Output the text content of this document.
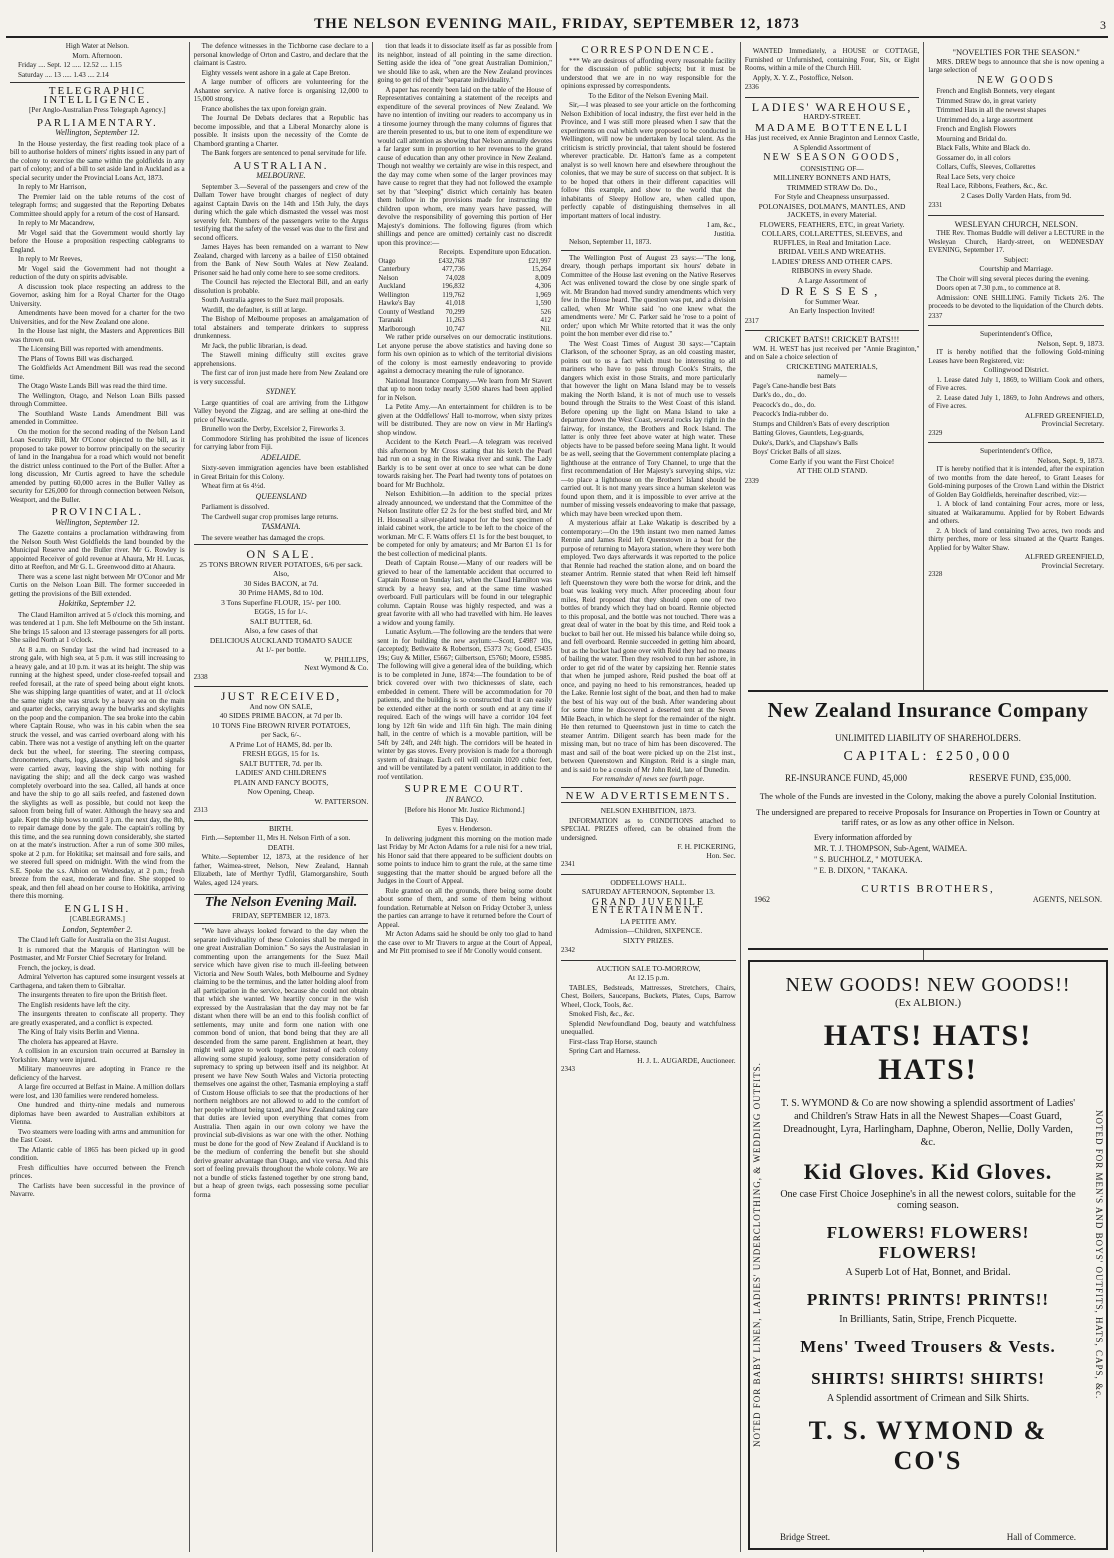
THE NELSON EVENING MAIL, FRIDAY, SEPTEMBER 12, 1873	3
High Water at Nelson.
Morn. Afternoon.
Friday .... Sept. 12 ..... 12.52 .... 1.15
Saturday .... 13 ..... 1.43 .... 2.14
TELEGRAPHIC INTELLIGENCE.
[Per Anglo-Australian Press Telegraph Agency.]
PARLIAMENTARY.
Wellington, September 12.
In the House yesterday, the first reading took place of a bill to authorise holders of miners' rights issued in any part of the colony to exercise the same within the goldfields in any part of colony; and of a bill to set aside land in Auckland as a special security under the Provincial Loans Act, 1873.
In reply to Mr Harrison,
The Premier laid on the table returns of the cost of telegraph forms; and suggested that the Reporting Debates Committee should apply for a return of the cost of Hansard.
In reply to Mr Macandrew,
Mr Vogel said that the Government would shortly lay before the House a proposition respecting cablegrams to England.
In reply to Mr Reeves,
Mr Vogel said the Government had not thought a reduction of the duty on spirits advisable.
A discussion took place respecting an address to the Governor, asking him for a Royal Charter for the Otago University.
Amendments have been moved for a charter for the two Universities, and for the New Zealand one alone.
In the House last night, the Masters and Apprentices Bill was thrown out.
The Licensing Bill was reported with amendments.
The Plans of Towns Bill was discharged.
The Goldfields Act Amendment Bill was read the second time.
The Otago Waste Lands Bill was read the third time.
The Wellington, Otago, and Nelson Loan Bills passed through Committee.
The Southland Waste Lands Amendment Bill was amended in Committee.
On the motion for the second reading of the Nelson Land Loan Security Bill, Mr O'Conor objected to the bill, as it proposed to take power to borrow principally on the security of land in the Inangahua for a road which would not benefit the district unless continued to the Port of the Buller. After a long discussion, Mr Curtis agreed to have the schedule amended by putting 60,000 acres in the Buller Valley as security for £26,000 for through connection between Nelson, Westport, and the Buller.
PROVINCIAL.
Wellington, September 12.
The Gazette contains a proclamation withdrawing from the Nelson South West Goldfields the land bounded by the Municipal Reserve and the Buller river. Mr G. Rowley is appointed Receiver of gold revenue at Ahaura, Mr H. Lucas, ditto at Reefton, and Mr G. L. Greenwood ditto at Ahaura.
There was a scene last night between Mr O'Conor and Mr Curtis on the Nelson Loan Bill. The former succeeded in getting the provisions of the Bill extended.
Hokitika, September 12.
The Claud Hamilton arrived at 5 o'clock this morning, and was tendered at 1 p.m. She left Melbourne on the 5th instant. She brings 15 saloon and 13 steerage passengers for all ports. She sailed North at 1 o'clock.
At 8 a.m. on Sunday last the wind had increased to a strong gale, with high sea, at 5 p.m. it was still increasing to a heavy gale, and at 10 p.m. it was at its height. The ship was running at the highest speed, under close-reefed topsail and reefed foresail, at the rate of speed being about eight knots. She was shipping large quantities of water, and at 11 o'clock the same night she was struck by a heavy sea on the main and quarter decks, carrying away the bulwarks and skylights on the poop and the companion. The sea broke into the cabin where Captain Rouse, who was in his cabin when the sea struck the vessel, and was carried overboard along with his cabin. There was not a vestige of anything left on the quarter deck but the wheel, for steering. The steering compass, chronometers, charts, logs, glasses, signal book and signals were carried away, leaving the ship with nothing for navigating the ship; and all the deck cargo was washed completely overboard into the sea. Called, all hands at once and have the ship to go all sails reefed, and fastened down the skylights as well as possible, but could not keep the saloon from being full of water. Although the heavy sea and gale. Kept the ship bows to until 3 p.m. the next day, the 8th, to repair damage done by the gale. The captain's rolling by this time, and the sea running down considerably, she started on at the mate's instruction. After a run of some 300 miles, spoke at 2 p.m. for Hokitika; set mainsail and fore sails, and we steered full speed on midnight. With the wind from the S.E. Spoke the s.s. Albion on Wednesday, at 2 p.m.; fresh breeze from the east, moderate and fine. She stopped to speak, and then fell ahead on her course to Hokitika, arriving there this morning.
ENGLISH.
[CABLEGRAMS.]
London, September 2.
The Claud left Galle for Australia on the 31st August.
It is rumored that the Marquis of Hartington will be Postmaster, and Mr Forster Chief Secretary for Ireland.
French, the jockey, is dead.
Admiral Yelverton has captured some insurgent vessels at Carthagena, and taken them to Gibraltar.
The insurgents threaten to fire upon the British fleet.
The English residents have left the city.
The insurgents threaten to confiscate all property. They are greatly exasperated, and a conflict is expected.
The King of Italy visits Berlin and Vienna.
The cholera has appeared at Havre.
A collision in an excursion train occurred at Barnsley in Yorkshire. Many were injured.
Military manoeuvres are adopting in France re the deficiency of the harvest.
A large fire occurred at Belfast in Maine. A million dollars were lost, and 130 families were rendered homeless.
One hundred and thirty-nine medals and numerous diplomas have been awarded to Australian exhibitors at Vienna.
Two steamers were loading with arms and ammunition for the East Coast.
The Atlantic cable of 1865 has been picked up in good condition.
Fresh difficulties have occurred between the French princes.
The Carlists have been successful in the province of Navarre.
The defence witnesses in the Tichborne case declare to a personal knowledge of Orton and Castro, and declare that the claimant is Castro.
Eighty vessels went ashore in a gale at Cape Breton.
A large number of officers are volunteering for the Ashantee service. A native force is organising 12,000 to 15,000 strong.
France abolishes the tax upon foreign grain.
The Journal De Debats declares that a Republic has become impossible, and that a Liberal Monarchy alone is possible. It insists upon the necessity of the Comte de Chambord granting a Charter.
The Bank forgers are sentenced to penal servitude for life.
AUSTRALIAN.
MELBOURNE.
September 3.—Several of the passengers and crew of the Dallam Tower have brought charges of neglect of duty against Captain Davis on the 14th and 15th July, the days during which the gale which dismasted the vessel was most severely felt. Numbers of the passengers write to the Argus testifying that the safety of the vessel was due to the first and second officers.
James Hayes has been remanded on a warrant to New Zealand, charged with larceny as a bailee of £150 obtained from the Bank of New South Wales at New Zealand. Prisoner said he had only come here to see some creditors.
The Council has rejected the Electoral Bill, and an early dissolution is probable.
South Australia agrees to the Suez mail proposals.
Wardill, the defaulter, is still at large.
The Bishop of Melbourne proposes an amalgamation of total abstainers and temperate drinkers to suppress drunkenness.
Mr Jack, the public librarian, is dead.
The Stawell mining difficulty still excites grave apprehensions.
The first car of iron just made here from New Zealand ore is very successful.
SYDNEY.
Large quantities of coal are arriving from the Lithgow Valley beyond the Zigzag, and are selling at one-third the price of Newcastle.
Brunello won the Derby, Excelsior 2, Fireworks 3.
Commodore Stirling has prohibited the issue of licences for carrying labor from Fiji.
ADELAIDE.
Sixty-seven immigration agencies have been established in Great Britain for this Colony.
Wheat firm at 6s 4½d.
QUEENSLAND
Parliament is dissolved.
The Cardwell sugar crop promises large returns.
TASMANIA.
The severe weather has damaged the crops.
ON SALE.
25 TONS BROWN RIVER POTATOES, 6/6 per sack.
Also,
30 Sides BACON, at 7d.
30 Prime HAMS, 8d to 10d.
3 Tons Superfine FLOUR, 15/- per 100.
EGGS, 15 for 1/-.
SALT BUTTER, 6d.
Also, a few cases of that
DELICIOUS AUCKLAND TOMATO SAUCE
At 1/- per bottle.
W. PHILLIPS,
Next Wymond & Co.
2338
JUST RECEIVED,
And now ON SALE,
40 SIDES PRIME BACON, at 7d per lb.
10 TONS Fine BROWN RIVER POTATOES,
per Sack, 6/-.
A Prime Lot of HAMS, 8d. per lb.
FRESH EGGS, 15 for 1s.
SALT BUTTER, 7d. per lb.
LADIES' AND CHILDREN'S
PLAIN AND FANCY BOOTS,
Now Opening, Cheap.
W. PATTERSON.
2313
BIRTH.
Firth.—September 11, Mrs H. Nelson Firth of a son.
DEATH.
White.—September 12, 1873, at the residence of her father, Waimea-street, Nelson, New Zealand, Hannah Elizabeth, late of Merthyr Tydfil, Glamorganshire, South Wales, aged 124 years.
The Nelson Evening Mail.
FRIDAY, SEPTEMBER 12, 1873.
"We have always looked forward to the day when the separate individuality of these Colonies shall be merged in one great Australian Dominion." So says the Australasian in commenting upon the arrangements for the Suez Mail service which have given rise to much ill-feeling between Victoria and New South Wales, both Melbourne and Sydney claiming to be the terminus, and the latter holding aloof from all participation in the service, because she could not obtain that which she wanted. We heartily concur in the wish expressed by the Australasian that the day may not be far distant when there will be an end to this foolish conflict of settlements, may unite and form one nation with one common bond of union, that bond being that they are all descended from the same parent. Englishmen at heart, they might well agree to work together instead of each colony allowing some stupid jealousy, some petty consideration of supremacy to spring up between itself and its neighbor. At present we have New South Wales and Victoria protecting themselves one against the other, Tasmania employing a staff of Custom House officials to see that the productions of her northern neighbors are not allowed to add to the comfort of her people without being taxed, and New Zealand taking care that duties are levied upon everything that comes from Australia. Then again in our own colony we have the provincial sub-divisions as war one with the other. Nothing must be done for the good of New Zealand if Auckland is to be the medium of conferring the benefit but she should derive greater advantage than Otago, and vice versa. And this sort of feeling prevails throughout the whole colony. We are not a bundle of sticks fastened together by one strong band, but a heap of green twigs, each possessing some peculiar forma
tion that leads it to dissociate itself as far as possible from its neighbor, instead of all pointing in the same direction. Setting aside the idea of "one great Australian Dominion," we should like to ask, when are the New Zealand provinces going to get rid of their "separate individuality."
A paper has recently been laid on the table of the House of Representatives containing a statement of the receipts and expenditure of the several provinces of New Zealand. We have no intention of inviting our readers to accompany us in a tiresome journey through the many columns of figures that are therein presented to us, but to one item of expenditure we would call attention as showing that Nelson annually devotes a far larger sum in proportion to her revenues to the grand cause of education than any other province in New Zealand. Though not wealthy we certainly are wise in this respect, and the day may come when some of the larger provinces may have cause to regret that they had not followed the example set by that "sleeping" district which certainly has beaten them hollow in the provisions made for instructing the children upon whom, ere many years have passed, will devolve the responsibility of governing this portion of Her Majesty's dominions. The following figures (from which shillings and pence are omitted) certainly cast no discredit upon this province:—
	Receipts.	Expenditure upon Education.
Otago	£432,768	£21,997
Canterbury	477,736	15,264
Nelson	74,028	8,009
Auckland	196,832	4,306
Wellington	119,762	1,969
Hawke's Bay	41,018	1,590
County of Westland	70,299	526
Taranaki	11,263	412
Marlborough	10,747	Nil.
We rather pride ourselves on our democratic institutions. Let anyone peruse the above statistics and having done so form his own opinion as to which of the territorial divisions of the colony is most earnestly endeavoring to provide against a democracy meaning the rule of ignorance.
National Insurance Company.—We learn from Mr Stavert that up to noon today nearly 3,500 shares had been applied for in Nelson.
La Petite Amy.—An entertainment for children is to be given at the Oddfellows' Hall to-morrow, when sixty prizes will be distributed. They are now on view in Mr Harling's shop window.
Accident to the Ketch Pearl.—A telegram was received this afternoon by Mr Cross stating that his ketch the Pearl had run on a snag in the Riwaka river and sunk. The Lady Barkly is to be sent over at once to see what can be done towards raising her. The Pearl had twenty tons of potatoes on board for Mr Buchholz.
Nelson Exhibition.—In addition to the special prizes already announced, we understand that the Committee of the Nelson Institute offer £2 2s for the best stuffed bird, and Mr H. Houseall a silver-plated teapot for the best specimen of inlaid cabinet work, the article to be left to the choice of the workman. Mr C. F. Watts offers £1 1s for the best bouquet, to be competed for only by amateurs; and Mr Barton £1 1s for the best collection of medicinal plants.
Death of Captain Rouse.—Many of our readers will be grieved to hear of the lamentable accident that occurred to Captain Rouse on Sunday last, when the Claud Hamilton was struck by a heavy sea, and at the same time washed overboard. Full particulars will be found in our telegraphic column. Captain Rouse was highly respected, and was a great favorite with all who had travelled with him. He leaves a widow and young family.
Lunatic Asylum.—The following are the tenders that were sent in for building the new asylum:—Scott, £4987 10s, (accepted); Bethwaite & Robertson, £5373 7s; Good, £5435 19s; Guy & Miller, £5667; Gilbertson, £5760; Moore, £5985. The following will give a general idea of the building, which is to be completed in June, 1874:—The foundation to be of brick covered over with two thicknesses of slate, each embedded in cement. There will be accommodation for 70 patients, and the building is so constructed that it can easily be extended either at the north or south end at any time if required. Each of the wings will have a corridor 104 feet long by 12ft 6in wide and 11ft 6in high. The main dining hall, in the centre of which is a movable partition, will be 54ft by 24ft, and 24ft high. The corridors will be heated in winter by gas stoves. Every provision is made for a thorough system of drainage. Each cell will contain 1020 cubic feet, and will be ventilated by a patent ventilator, in addition to the roof ventilation.
SUPREME COURT.
IN BANCO.
[Before his Honor Mr. Justice Richmond.]
This Day.
Eyes v. Henderson.
In delivering judgment this morning on the motion made last Friday by Mr Acton Adams for a rule nisi for a new trial, his Honor said that there appeared to be sufficient doubts on some points to induce him to grant the rule, at the same time suggesting that the matter should be argued before all the Judges in the Court of Appeal.
Rule granted on all the grounds, there being some doubt about some of them, and some of them being without foundation. Returnable at Nelson on Friday October 3, unless the parties can arrange to have it returned before the Court of Appeal.
Mr Acton Adams said he should be only too glad to hand the case over to Mr Travers to argue at the Court of Appeal, and Mr Pitt promised to see if Mr Conolly would consent.
CORRESPONDENCE.
*** We are desirous of affording every reasonable facility for the discussion of public subjects; but it must be understood that we are in no way responsible for the opinions expressed by correspondents.
To the Editor of the Nelson Evening Mail.
Sir,—I was pleased to see your article on the forthcoming Nelson Exhibition of local industry, the first ever held in the Province, and I was still more pleased when I saw that the experiments on coal which were proposed to be conducted in Wellington, will now be undertaken by local talent. As the criticism is strictly provincial, that talent should be fostered wherever practicable. Dr. Hatton's fame as a competent analyst is so well known here and elsewhere throughout the colonies, that we may be sure of success on that subject. It is to be hoped that others in their different capacities will follow this example, and show to the world that the inhabitants of Sleepy Hollow are, when called upon, perfectly capable of distinguishing themselves in all important matters of local industry.
I am, &c.,
Justitia.
Nelson, September 11, 1873.
The Wellington Post of August 23 says:—"The long, dreary, though perhaps important six hours' debate in Committee of the House last evening on the Native Reserves Act was enlivened toward the close by one single spark of wit. Mr Brandon had moved sundry amendments which very few in the House heard. The question was put, and a division called, when Mr White said 'no one knew what the amendments were.' Mr C. Parker said he 'rose to a point of order;' upon which Mr White retorted that it was the only point the hon member ever did rise to."
The West Coast Times of August 30 says:—"Captain Clarkson, of the schooner Spray, as an old coasting master, points out to us a fact which must be interesting to all mariners who have to pass through Cook's Straits, the dangers which exist in those Straits, and more particularly that however the light on Mana Island may be to vessels making the North Island, it is not of much use to vessels bound through the Straits to the West Coast of this island. Before opening up the light on Mana Island to take a departure down the West Coast, several rocks lay right in the fairway, for instance, the Brothers and Rock Island. The latter is only three feet above water at high water. These objects have to be passed before seeing Mana light. It would be as well, seeing that the Government contemplate placing a lighthouse at the entrance of Tory Channel, to urge that the first recommendation of Her Majesty's surveying ships, viz:—to place a lighthouse on the Brothers' Island should be carried out. It is not many years since a human skeleton was found upon them, and it is impossible to ever arrive at the number of missing vessels endeavoring to make that passage, which may have been wrecked upon them.
A mysterious affair at Lake Wakatip is described by a contemporary:—On the 19th instant two men named James Rennie and James Reid left Queenstown in a boat for the purpose of returning to Mayora station, where they were both employed. Two days afterwards it was reported to the police that Rennie had reached the station alone, and on board the steamer Antrim. Rennie stated that when Reid left himself left Queenstown they were both the worse for drink, and the boat was leaking very much. After proceeding about four miles, Reid proposed that they should open one of two bottles of brandy which they had on board. Rennie objected to this proposal, and the bottle was not touched. There was a great deal of water in the boat by this time, and Reid took a bucket to bail her out. He missed his balance while doing so, and fell overboard. Rennie succeeded in getting him aboard, but as the bucket had gone over with Reid they had no means of bailing the water. Then they resolved to run her ashore, in order to get rid of the water by capsizing her. Rennie states that when he jumped ashore, Reid pushed the boat off at once, and paying no heed to his remonstrances, headed up the Lake. Rennie lost sight of the boat, and then had to make the best of his way out of the bush. After wandering about for some time he discovered a deserted tent at the Seven Mile Beach, in which he slept for the remainder of the night. He then returned to Queenstown just in time to catch the steamer Antrim. Diligent search has been made for the missing man, but no trace of him has been discovered. The mast and sail of the boat were picked up on the 21st inst., between Queenstown and Kingston. Reid is a single man, and is said to be a cousin of Mr John Reid, late of Dunedin.
For remainder of news see fourth page.
NEW ADVERTISEMENTS.
NELSON EXHIBITION, 1873.
INFORMATION as to CONDITIONS attached to SPECIAL PRIZES offered, can be obtained from the undersigned.
F. H. PICKERING,
Hon. Sec.
2341
ODDFELLOWS' HALL.
SATURDAY AFTERNOON, September 13.
GRAND JUVENILE ENTERTAINMENT.
LA PETITE AMY.
Admission—Children, SIXPENCE.
SIXTY PRIZES.
2342
AUCTION SALE TO-MORROW,
At 12.15 p.m.
TABLES, Bedsteads, Mattresses, Stretchers, Chairs, Chest, Boilers, Saucepans, Buckets, Plates, Cups, Barrow Wheel, Clock, Tools, &c.
Smoked Fish, &c., &c.
Splendid Newfoundland Dog, beauty and watchfulness unequalled.
First-class Trap Horse, staunch
Spring Cart and Harness.
H. J. L. AUGARDE, Auctioneer.
2343
WANTED Immediately, a HOUSE or COTTAGE, Furnished or Unfurnished, containing Four, Six, or Eight Rooms, within a mile of the Church Hill.
Apply, X. Y. Z., Postoffice, Nelson.
2336
LADIES' WAREHOUSE,
HARDY-STREET.
MADAME BOTTENELLI
Has just received, ex Annie Braginton and Lennox Castle,
A Splendid Assortment of
NEW SEASON GOODS,
CONSISTING OF—
MILLINERY BONNETS AND HATS,
TRIMMED STRAW Do. Do.,
For Style and Cheapness unsurpassed.
POLONAISES, DOLMAN'S, MANTLES, AND JACKETS, in every Material.
FLOWERS, FEATHERS, ETC, in great Variety.
COLLARS, COLLARETTES, SLEEVES, and RUFFLES, in Real and Imitation Lace.
BRIDAL VEILS AND WREATHS.
LADIES' DRESS AND OTHER CAPS.
RIBBONS in every Shade.
A Large Assortment of
DRESSES,
for Summer Wear.
An Early Inspection Invited!
2317
CRICKET BATS!! CRICKET BATS!!!
WM. H. WEST has just received per "Annie Braginton," and on Sale a choice selection of
CRICKETING MATERIALS,
namely—
Page's Cane-handle best Bats
Dark's do., do., do.
Peacock's do., do., do.
Peacock's India-rubber do.
Stumps and Children's Bats of every description
Batting Gloves, Gauntlets, Leg-guards,
Duke's, Dark's, and Clapshaw's Balls
Boys' Cricket Balls of all sizes.
Come Early if you want the First Choice!
AT THE OLD STAND.
2339
"NOVELTIES FOR THE SEASON."
MRS. DREW begs to announce that she is now opening a large selection of
NEW GOODS
French and English Bonnets, very elegant
Trimmed Straw do, in great variety
Trimmed Hats in all the newest shapes
Untrimmed do, a large assortment
French and English Flowers
Mourning and Bridal do.
Black Falls, White and Black do.
Gossamer do, in all colors
Collars, Cuffs, Sleeves, Collarettes
Real Lace Sets, very choice
Real Lace, Ribbons, Feathers, &c., &c.
2 Cases Dolly Varden Hats, from 9d.
2331
WESLEYAN CHURCH, NELSON.
THE Rev. Thomas Buddle will deliver a LECTURE in the Wesleyan Church, Hardy-street, on WEDNESDAY EVENING, September 17.
Subject:
Courtship and Marriage.
The Choir will sing several pieces during the evening.
Doors open at 7.30 p.m., to commence at 8.
Admission: ONE SHILLING. Family Tickets 2/6. The proceeds to be devoted to the liquidation of the Church debts.
2337
Superintendent's Office,
Nelson, Sept. 9, 1873.
IT is hereby notified that the following Gold-mining Leases have been Registered, viz:
Collingwood District.
1. Lease dated July 1, 1869, to William Cook and others, of Five acres.
2. Lease dated July 1, 1869, to John Andrews and others, of Five acres.
ALFRED GREENFIELD,
Provincial Secretary.
2329
Superintendent's Office,
Nelson, Sept. 9, 1873.
IT is hereby notified that it is intended, after the expiration of two months from the date hereof, to Grant Leases for Gold-mining purposes of the Crown Land within the District of Golden Bay Goldfields, hereinafter described, viz:—
1. A block of land containing Four acres, more or less, situated at Waikaramumu. Applied for by Robert Edwards and others.
2. A block of land containing Two acres, two roods and thirty perches, more or less situated at the Quartz Ranges. Applied for by Walter Shaw.
ALFRED GREENFIELD,
Provincial Secretary.
2328
New Zealand Insurance Company
UNLIMITED LIABILITY OF SHAREHOLDERS.
CAPITAL: £250,000
RE-INSURANCE FUND, 45,000	RESERVE FUND, £35,000.
The whole of the Funds are invested in the Colony, making the above a purely Colonial Institution.
The undersigned are prepared to receive Proposals for Insurance on Properties in Town or Country at tariff rates, or as low as any other office in Nelson.
Every information afforded by
MR. T. J. THOMPSON, Sub-Agent, WAIMEA.
" S. BUCHHOLZ, " MOTUEKA.
" E. B. DIXON, " TAKAKA.
CURTIS BROTHERS,
1962	AGENTS, NELSON.
NOTED FOR BABY LINEN, LADIES' UNDERCLOTHING, & WEDDING OUTFITS.	NOTED FOR MEN'S AND BOYS' OUTFITS, HATS, CAPS, &c.
NEW GOODS! NEW GOODS!!
(Ex ALBION.)
HATS! HATS! HATS!
T. S. WYMOND & Co are now showing a splendid assortment of Ladies' and Children's Straw Hats in all the Newest Shapes—Coast Guard, Dreadnought, Lyra, Harlingham, Daphne, Oberon, Nellie, Dolly Varden, &c.
Kid Gloves. Kid Gloves.
One case First Choice Josephine's in all the newest colors, suitable for the coming season.
FLOWERS! FLOWERS! FLOWERS!
A Superb Lot of Hat, Bonnet, and Bridal.
PRINTS! PRINTS! PRINTS!!
In Brilliants, Satin, Stripe, French Picquette.
Mens' Tweed Trousers & Vests.
SHIRTS! SHIRTS! SHIRTS!
A Splendid assortment of Crimean and Silk Shirts.
T. S. WYMOND & CO'S
Bridge Street.	Hall of Commerce.
